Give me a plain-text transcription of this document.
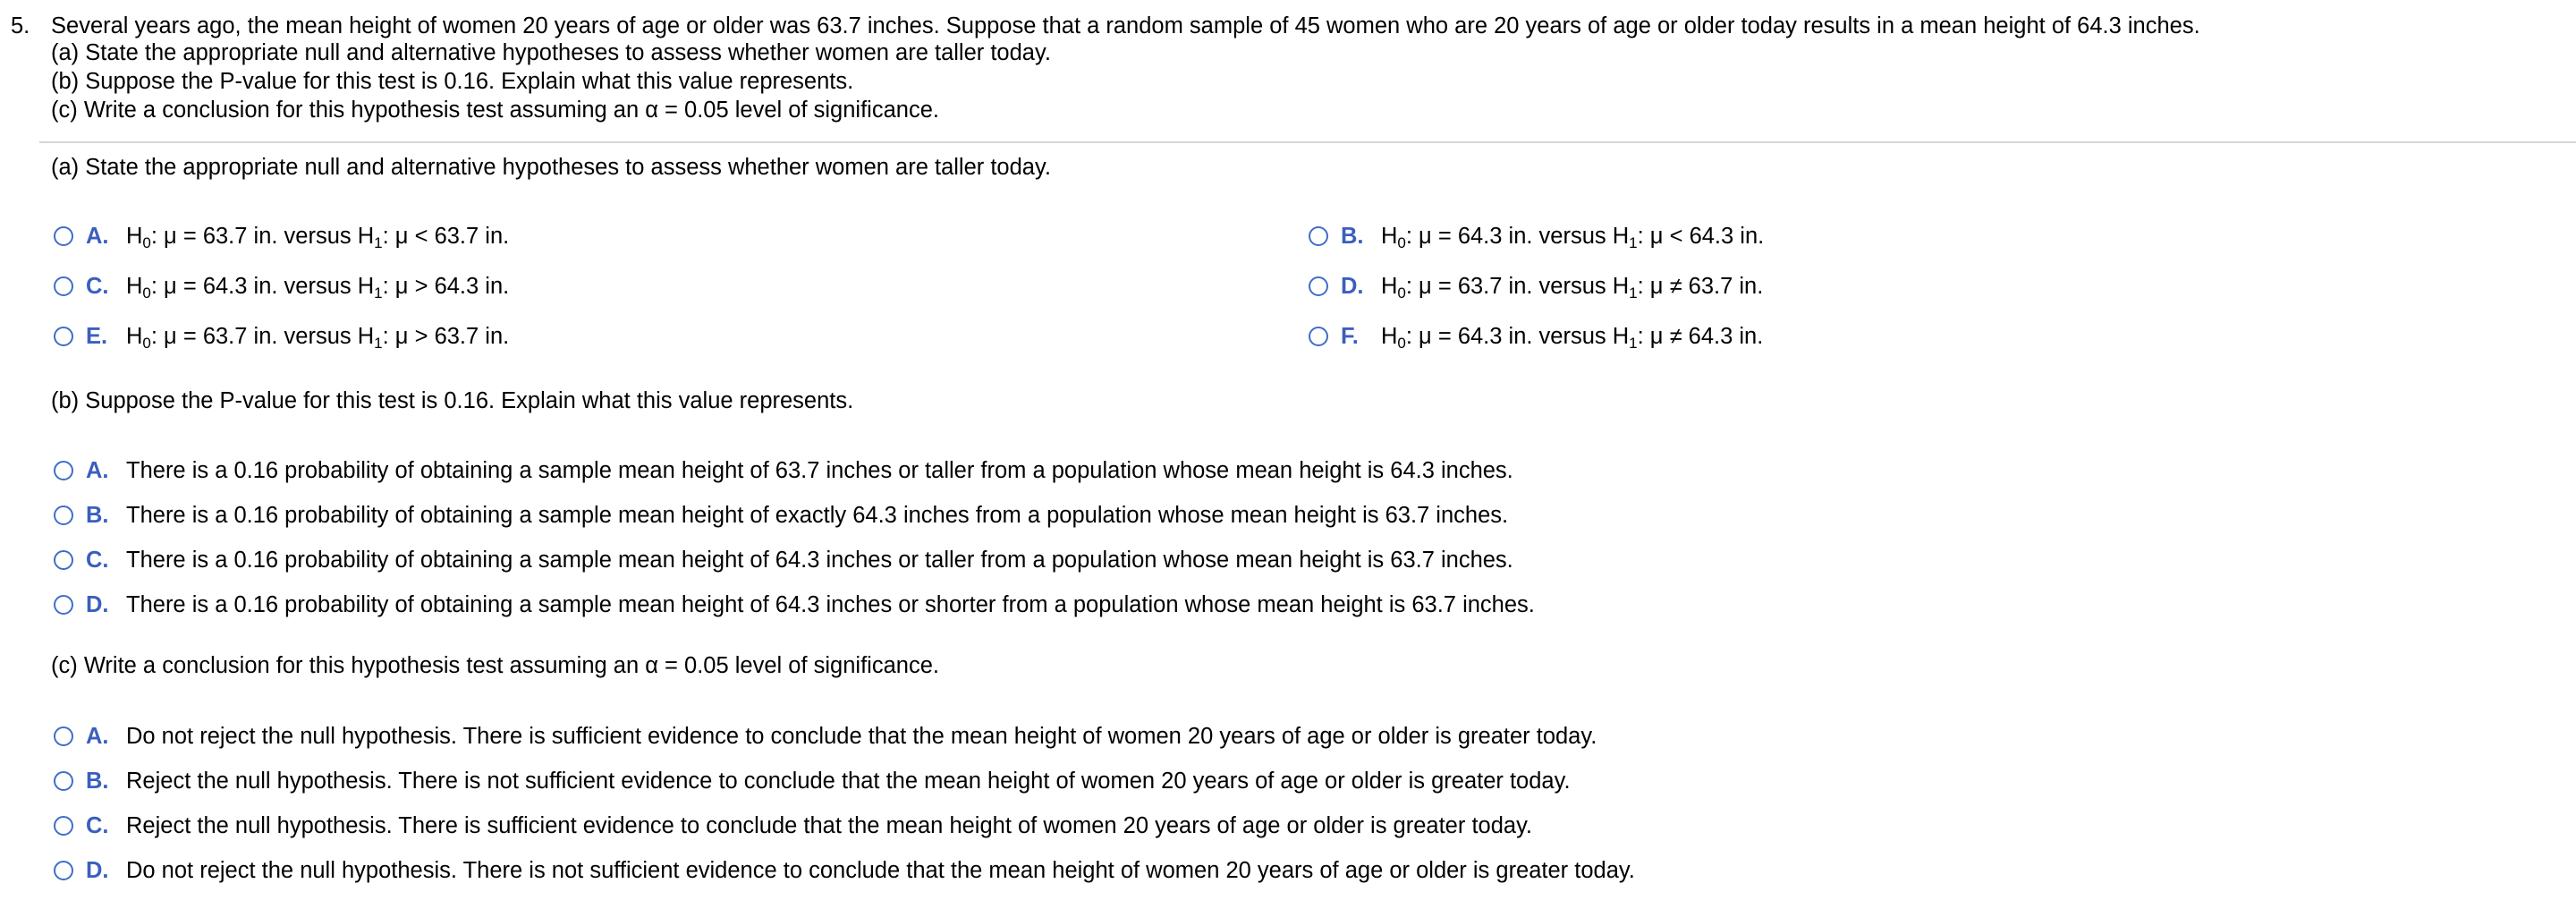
5. Several years ago, the mean height of women 20 years of age or older was 63.7 inches. Suppose that a random sample of 45 women who are 20 years of age or older today results in a mean height of 64.3 inches.
(a) State the appropriate null and alternative hypotheses to assess whether women are taller today.
(b) Suppose the P-value for this test is 0.16. Explain what this value represents.
(c) Write a conclusion for this hypothesis test assuming an α = 0.05 level of significance.
(a) State the appropriate null and alternative hypotheses to assess whether women are taller today.
A. $H_0$: μ = 63.7 in. versus $H_1$: μ < 63.7 in.	B. $H_0$: μ = 64.3 in. versus $H_1$: μ < 64.3 in.
C. $H_0$: μ = 64.3 in. versus $H_1$: μ > 64.3 in.	D. $H_0$: μ = 63.7 in. versus $H_1$: μ ≠ 63.7 in.
E. $H_0$: μ = 63.7 in. versus $H_1$: μ > 63.7 in.	F. $H_0$: μ = 64.3 in. versus $H_1$: μ ≠ 64.3 in.
(b) Suppose the P-value for this test is 0.16. Explain what this value represents.
A. There is a 0.16 probability of obtaining a sample mean height of 63.7 inches or taller from a population whose mean height is 64.3 inches.
B. There is a 0.16 probability of obtaining a sample mean height of exactly 64.3 inches from a population whose mean height is 63.7 inches.
C. There is a 0.16 probability of obtaining a sample mean height of 64.3 inches or taller from a population whose mean height is 63.7 inches.
D. There is a 0.16 probability of obtaining a sample mean height of 64.3 inches or shorter from a population whose mean height is 63.7 inches.
(c) Write a conclusion for this hypothesis test assuming an α = 0.05 level of significance.
A. Do not reject the null hypothesis. There is sufficient evidence to conclude that the mean height of women 20 years of age or older is greater today.
B. Reject the null hypothesis. There is not sufficient evidence to conclude that the mean height of women 20 years of age or older is greater today.
C. Reject the null hypothesis. There is sufficient evidence to conclude that the mean height of women 20 years of age or older is greater today.
D. Do not reject the null hypothesis. There is not sufficient evidence to conclude that the mean height of women 20 years of age or older is greater today.
